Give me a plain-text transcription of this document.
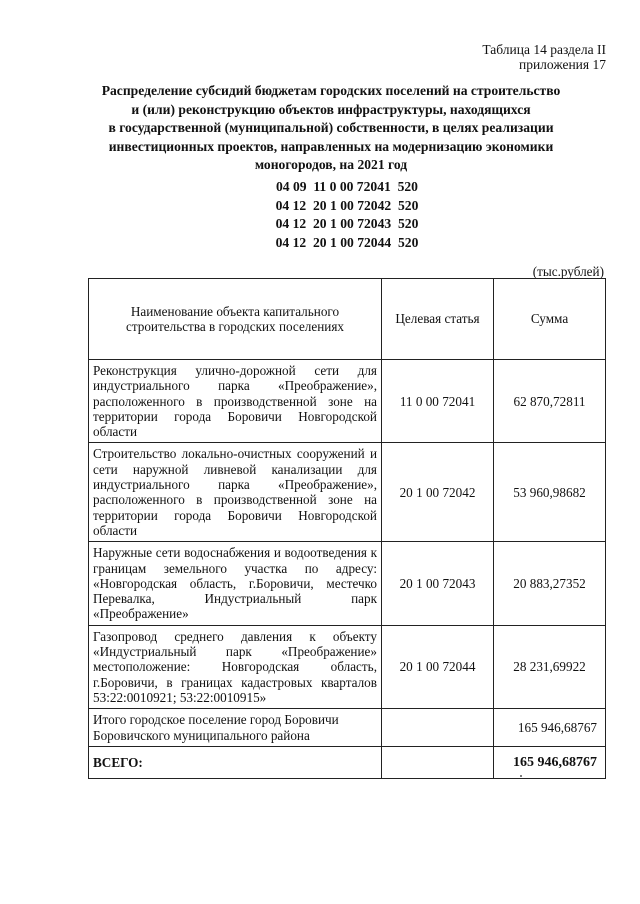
Таблица 14 раздела II
приложения 17
Распределение субсидий бюджетам городских поселений на строительство
и (или) реконструкцию объектов инфраструктуры, находящихся
в государственной (муниципальной) собственности, в целях реализации
инвестиционных проектов, направленных на модернизацию экономики
моногородов, на 2021 год
04 09  11 0 00 72041  520
04 12  20 1 00 72042  520
04 12  20 1 00 72043  520
04 12  20 1 00 72044  520
(тыс.рублей)
Наименование объекта капитального строительства в городских поселениях	Целевая статья	Сумма
Реконструкция улично-дорожной сети для индустриального парка «Преображение», расположенного в производственной зоне на территории города Боровичи Новгородской области	11 0 00 72041	62 870,72811
Строительство локально-очистных сооружений и сети наружной ливневой канализации для индустриального парка «Преображение», расположенного в производственной зоне на территории города Боровичи Новгородской области	20 1 00 72042	53 960,98682
Наружные сети водоснабжения и водоотведения к границам земельного участка по адресу: «Новгородская область, г.Боровичи, местечко Перевалка, Индустриальный парк «Преображение»	20 1 00 72043	20 883,27352
Газопровод среднего давления к объекту «Индустриальный парк «Преображение» местоположение: Новгородская область, г.Боровичи, в границах кадастровых кварталов 53:22:0010921; 53:22:0010915»	20 1 00 72044	28 231,69922
Итого городское поселение город Боровичи Боровичского муниципального района		165 946,68767
ВСЕГО:		165 946,68767
